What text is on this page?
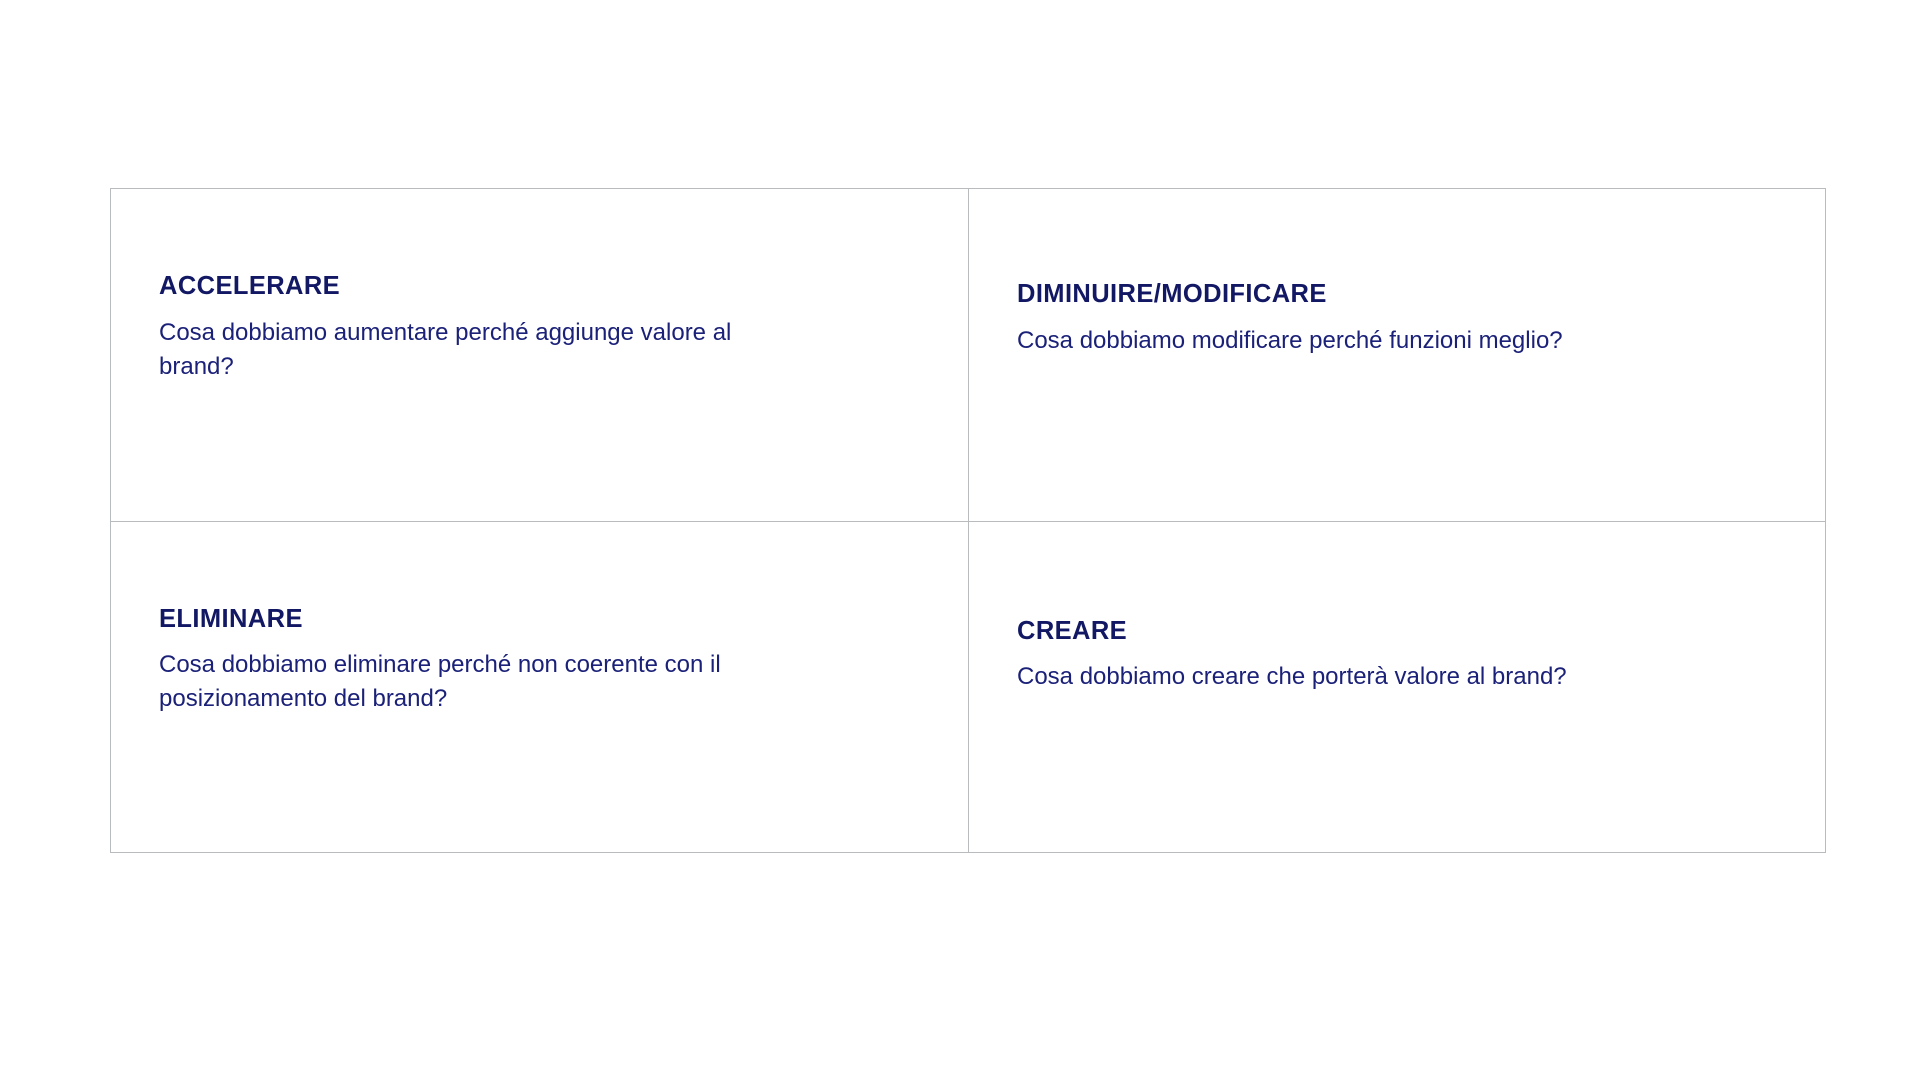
ACCELERARE
Cosa dobbiamo aumentare perché aggiunge valore al brand?
DIMINUIRE/MODIFICARE
Cosa dobbiamo modificare perché funzioni meglio?
ELIMINARE
Cosa dobbiamo eliminare perché non coerente con il posizionamento del brand?
CREARE
Cosa dobbiamo creare che porterà valore al brand?
